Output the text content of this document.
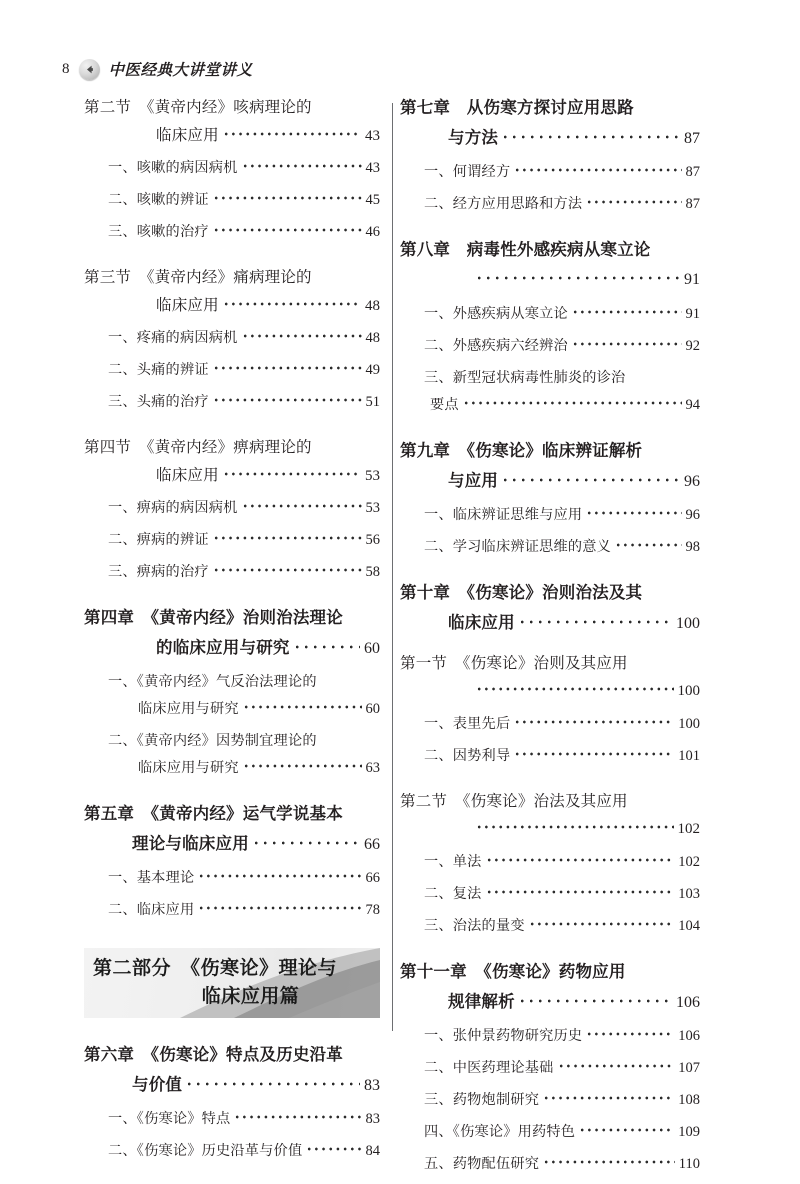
8	中医经典大讲堂讲义
第二节　《黄帝内经》咳病理论的
临床应用	43
一、咳嗽的病因病机	43
二、咳嗽的辨证	45
三、咳嗽的治疗	46
第三节　《黄帝内经》痛病理论的
临床应用	48
一、疼痛的病因病机	48
二、头痛的辨证	49
三、头痛的治疗	51
第四节　《黄帝内经》痹病理论的
临床应用	53
一、痹病的病因病机	53
二、痹病的辨证	56
三、痹病的治疗	58
第四章　《黄帝内经》治则治法理论
的临床应用与研究	60
一、《黄帝内经》气反治法理论的
临床应用与研究	60
二、《黄帝内经》因势制宜理论的
临床应用与研究	63
第五章　《黄帝内经》运气学说基本
理论与临床应用	66
一、基本理论	66
二、临床应用	78
第二部分　《伤寒论》理论与
临床应用篇
第六章　《伤寒论》特点及历史沿革
与价值	83
一、《伤寒论》特点	83
二、《伤寒论》历史沿革与价值	84
第七章　从伤寒方探讨应用思路
与方法	87
一、何谓经方	87
二、经方应用思路和方法	87
第八章　病毒性外感疾病从寒立论
91
一、外感疾病从寒立论	91
二、外感疾病六经辨治	92
三、新型冠状病毒性肺炎的诊治
要点	94
第九章　《伤寒论》临床辨证解析
与应用	96
一、临床辨证思维与应用	96
二、学习临床辨证思维的意义	98
第十章　《伤寒论》治则治法及其
临床应用	100
第一节　《伤寒论》治则及其应用
100
一、表里先后	100
二、因势利导	101
第二节　《伤寒论》治法及其应用
102
一、单法	102
二、复法	103
三、治法的量变	104
第十一章　《伤寒论》药物应用
规律解析	106
一、张仲景药物研究历史	106
二、中医药理论基础	107
三、药物炮制研究	108
四、《伤寒论》用药特色	109
五、药物配伍研究	110
